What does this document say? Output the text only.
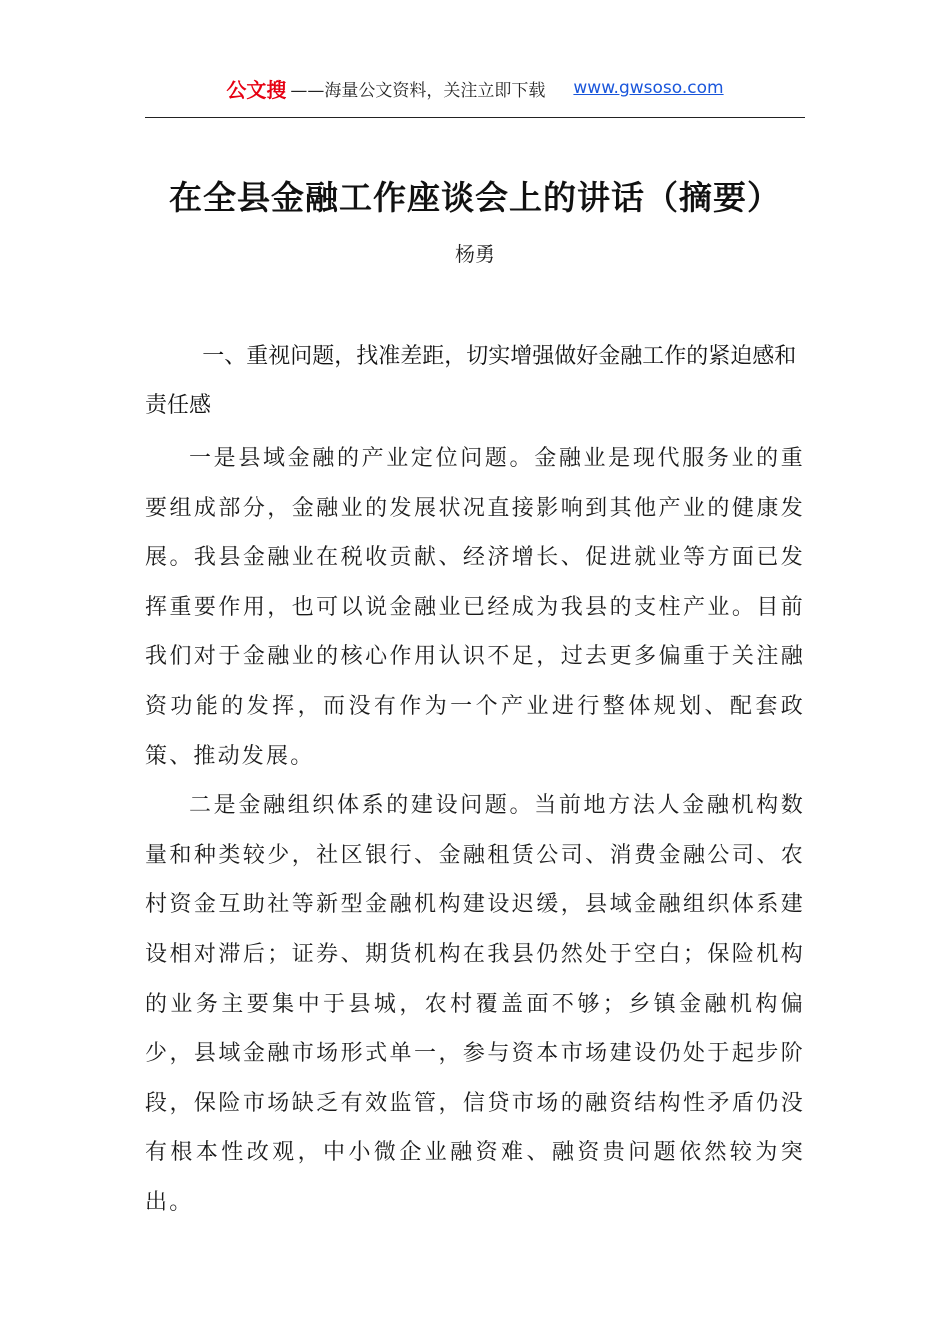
公文搜 ——海量公文资料，关注立即下载 www.gwsoso.com
在全县金融工作座谈会上的讲话（摘要）
杨勇
一、重视问题，找准差距，切实增强做好金融工作的紧迫感和责任感

一是县域金融的产业定位问题。金融业是现代服务业的重要组成部分，金融业的发展状况直接影响到其他产业的健康发展。我县金融业在税收贡献、经济增长、促进就业等方面已发挥重要作用，也可以说金融业已经成为我县的支柱产业。目前我们对于金融业的核心作用认识不足，过去更多偏重于关注融资功能的发挥，而没有作为一个产业进行整体规划、配套政策、推动发展。

二是金融组织体系的建设问题。当前地方法人金融机构数量和种类较少，社区银行、金融租赁公司、消费金融公司、农村资金互助社等新型金融机构建设迟缓，县域金融组织体系建设相对滞后；证券、期货机构在我县仍然处于空白；保险机构的业务主要集中于县城，农村覆盖面不够；乡镇金融机构偏少，县域金融市场形式单一，参与资本市场建设仍处于起步阶段，保险市场缺乏有效监管，信贷市场的融资结构性矛盾仍没有根本性改观，中小微企业融资难、融资贵问题依然较为突出。
